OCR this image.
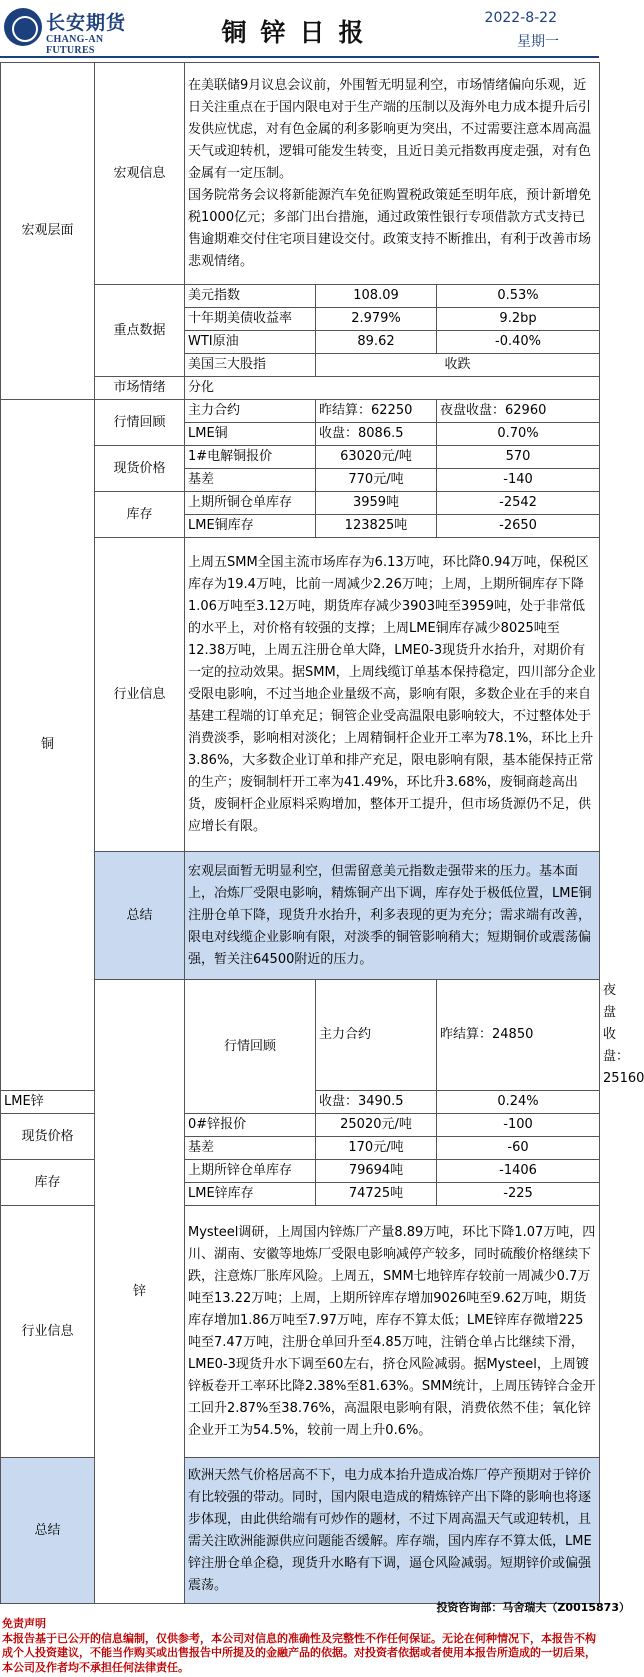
长安期货
CHANG-AN FUTURES
铜锌日报	2022-8-22
星期一
宏观层面	宏观信息	在美联储9月议息会议前，外围暂无明显利空，市场情绪偏向乐观，近日关注重点在于国内限电对于生产端的压制以及海外电力成本提升后引发供应忧虑，对有色金属的利多影响更为突出，不过需要注意本周高温天气或迎转机，逻辑可能发生转变，且近日美元指数再度走强，对有色金属有一定压制。
国务院常务会议将新能源汽车免征购置税政策延至明年底，预计新增免税1000亿元；多部门出台措施，通过政策性银行专项借款方式支持已售逾期难交付住宅项目建设交付。政策支持不断推出，有利于改善市场悲观情绪。			

	重点数据	美元指数	108.09	0.53%	
		十年期美债收益率	2.979%	9.2bp	
		WTI原油	89.62	-0.40%	
		美国三大股指	收跌		
	市场情绪	分化			
铜	行情回顾	主力合约	昨结算：62250	夜盘收盘：62960	
		LME铜	收盘：8086.5	0.70%	
	现货价格	1#电解铜报价	63020元/吨	570	
		基差	770元/吨	-140	
	库存	上期所铜仓单库存	3959吨	-2542	
		LME铜库存	123825吨	-2650	
	行业信息	上周五SMM全国主流市场库存为6.13万吨，环比降0.94万吨，保税区库存为19.4万吨，比前一周减少2.26万吨；上周，上期所铜库存下降1.06万吨至3.12万吨，期货库存减少3903吨至3959吨，处于非常低的水平上，对价格有较强的支撑；上周LME铜库存减少8025吨至12.38万吨，上周五注册仓单大降，LME0-3现货升水抬升，对期价有一定的拉动效果。据SMM，上周线缆订单基本保持稳定，四川部分企业受限电影响，不过当地企业量级不高，影响有限，多数企业在手的来自基建工程端的订单充足；铜管企业受高温限电影响较大，不过整体处于消费淡季，影响相对淡化；上周精铜杆企业开工率为78.1%，环比上升3.86%，大多数企业订单和排产充足，限电影响有限，基本能保持正常的生产；废铜制杆开工率为41.49%，环比升3.68%，废铜商趁高出货，废铜杆企业原料采购增加，整体开工提升，但市场货源仍不足，供应增长有限。			
	总结	宏观层面暂无明显利空，但需留意美元指数走强带来的压力。基本面上，冶炼厂受限电影响，精炼铜产出下调，库存处于极低位置，LME铜注册仓单下降，现货升水抬升，利多表现的更为充分；需求端有改善，限电对线缆企业影响有限，对淡季的铜管影响稍大；短期铜价或震荡偏强，暂关注64500附近的压力。			
	锌	行情回顾	主力合约	昨结算：24850	夜盘收盘：25160
LME锌			收盘：3490.5	0.24%	
现货价格		0#锌报价	25020元/吨	-100	
		基差	170元/吨	-60	
库存		上期所锌仓单库存	79694吨	-1406	
		LME锌库存	74725吨	-225	
行业信息		Mysteel调研，上周国内锌炼厂产量8.89万吨，环比下降1.07万吨，四川、湖南、安徽等地炼厂受限电影响减停产较多，同时硫酸价格继续下跌，注意炼厂胀库风险。上周五，SMM七地锌库存较前一周减少0.7万吨至13.22万吨；上周，上期所锌库存增加9026吨至9.62万吨，期货库存增加1.86万吨至7.97万吨，库存不算太低；LME锌库存微增225吨至7.47万吨，注册仓单回升至4.85万吨，注销仓单占比继续下滑，LME0-3现货升水下调至60左右，挤仓风险减弱。据Mysteel，上周镀锌板卷开工率环比降2.38%至81.63%。SMM统计，上周压铸锌合金开工回升2.87%至38.76%，高温限电影响有限，消费依然不佳；氧化锌企业开工为54.5%，较前一周上升0.6%。			
总结		欧洲天然气价格居高不下，电力成本抬升造成冶炼厂停产预期对于锌价有比较强的带动。同时，国内限电造成的精炼锌产出下降的影响也将逐步体现，由此供给端有可炒作的题材，不过下周高温天气或迎转机，且需关注欧洲能源供应问题能否缓解。库存端，国内库存不算太低，LME锌注册仓单企稳，现货升水略有下调，逼仓风险减弱。短期锌价或偏强震荡。			
投资咨询部：马舍瑞夫（Z0015873）
免责声明
本报告基于已公开的信息编制，仅供参考，本公司对信息的准确性及完整性不作任何保证。无论在何种情况下，本报告不构成个人投资建议，不能当作购买或出售报告中所提及的金融产品的依据。对投资者依据或者使用本报告所造成的一切后果，本公司及作者均不承担任何法律责任。
